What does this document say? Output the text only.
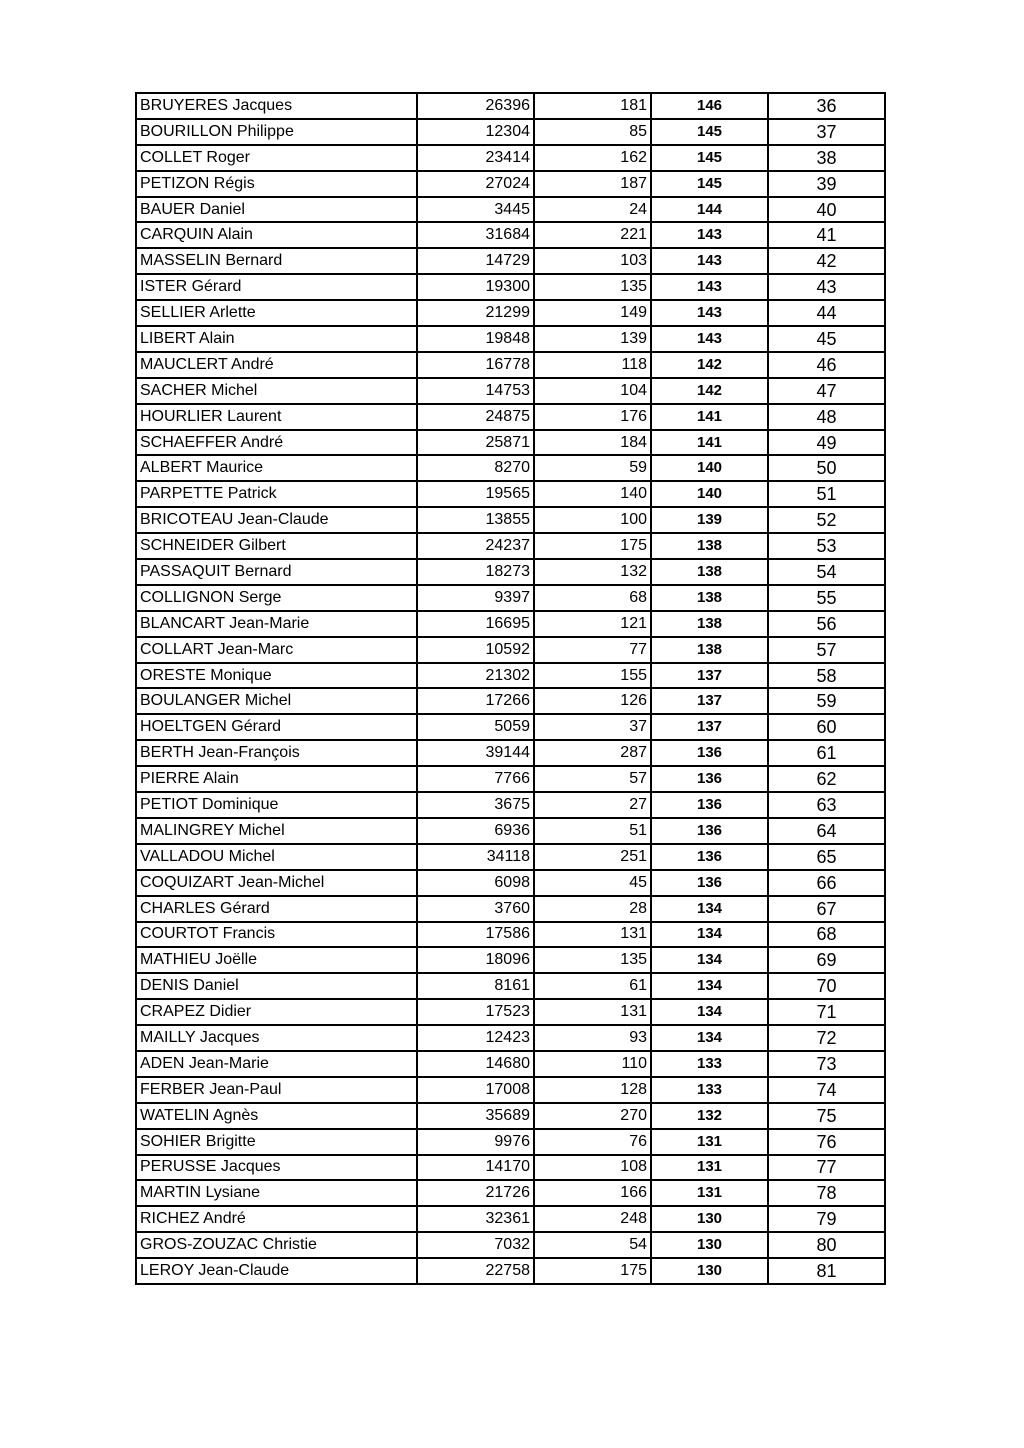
BRUYERES Jacques	26396	181	146	36
BOURILLON Philippe	12304	85	145	37
COLLET Roger	23414	162	145	38
PETIZON Régis	27024	187	145	39
BAUER Daniel	3445	24	144	40
CARQUIN Alain	31684	221	143	41
MASSELIN Bernard	14729	103	143	42
ISTER Gérard	19300	135	143	43
SELLIER Arlette	21299	149	143	44
LIBERT Alain	19848	139	143	45
MAUCLERT André	16778	118	142	46
SACHER Michel	14753	104	142	47
HOURLIER Laurent	24875	176	141	48
SCHAEFFER André	25871	184	141	49
ALBERT Maurice	8270	59	140	50
PARPETTE Patrick	19565	140	140	51
BRICOTEAU Jean-Claude	13855	100	139	52
SCHNEIDER Gilbert	24237	175	138	53
PASSAQUIT Bernard	18273	132	138	54
COLLIGNON Serge	9397	68	138	55
BLANCART Jean-Marie	16695	121	138	56
COLLART Jean-Marc	10592	77	138	57
ORESTE Monique	21302	155	137	58
BOULANGER Michel	17266	126	137	59
HOELTGEN Gérard	5059	37	137	60
BERTH Jean-François	39144	287	136	61
PIERRE Alain	7766	57	136	62
PETIOT Dominique	3675	27	136	63
MALINGREY Michel	6936	51	136	64
VALLADOU Michel	34118	251	136	65
COQUIZART Jean-Michel	6098	45	136	66
CHARLES Gérard	3760	28	134	67
COURTOT Francis	17586	131	134	68
MATHIEU Joëlle	18096	135	134	69
DENIS Daniel	8161	61	134	70
CRAPEZ Didier	17523	131	134	71
MAILLY Jacques	12423	93	134	72
ADEN Jean-Marie	14680	110	133	73
FERBER Jean-Paul	17008	128	133	74
WATELIN Agnès	35689	270	132	75
SOHIER Brigitte	9976	76	131	76
PERUSSE Jacques	14170	108	131	77
MARTIN Lysiane	21726	166	131	78
RICHEZ André	32361	248	130	79
GROS-ZOUZAC Christie	7032	54	130	80
LEROY Jean-Claude	22758	175	130	81
